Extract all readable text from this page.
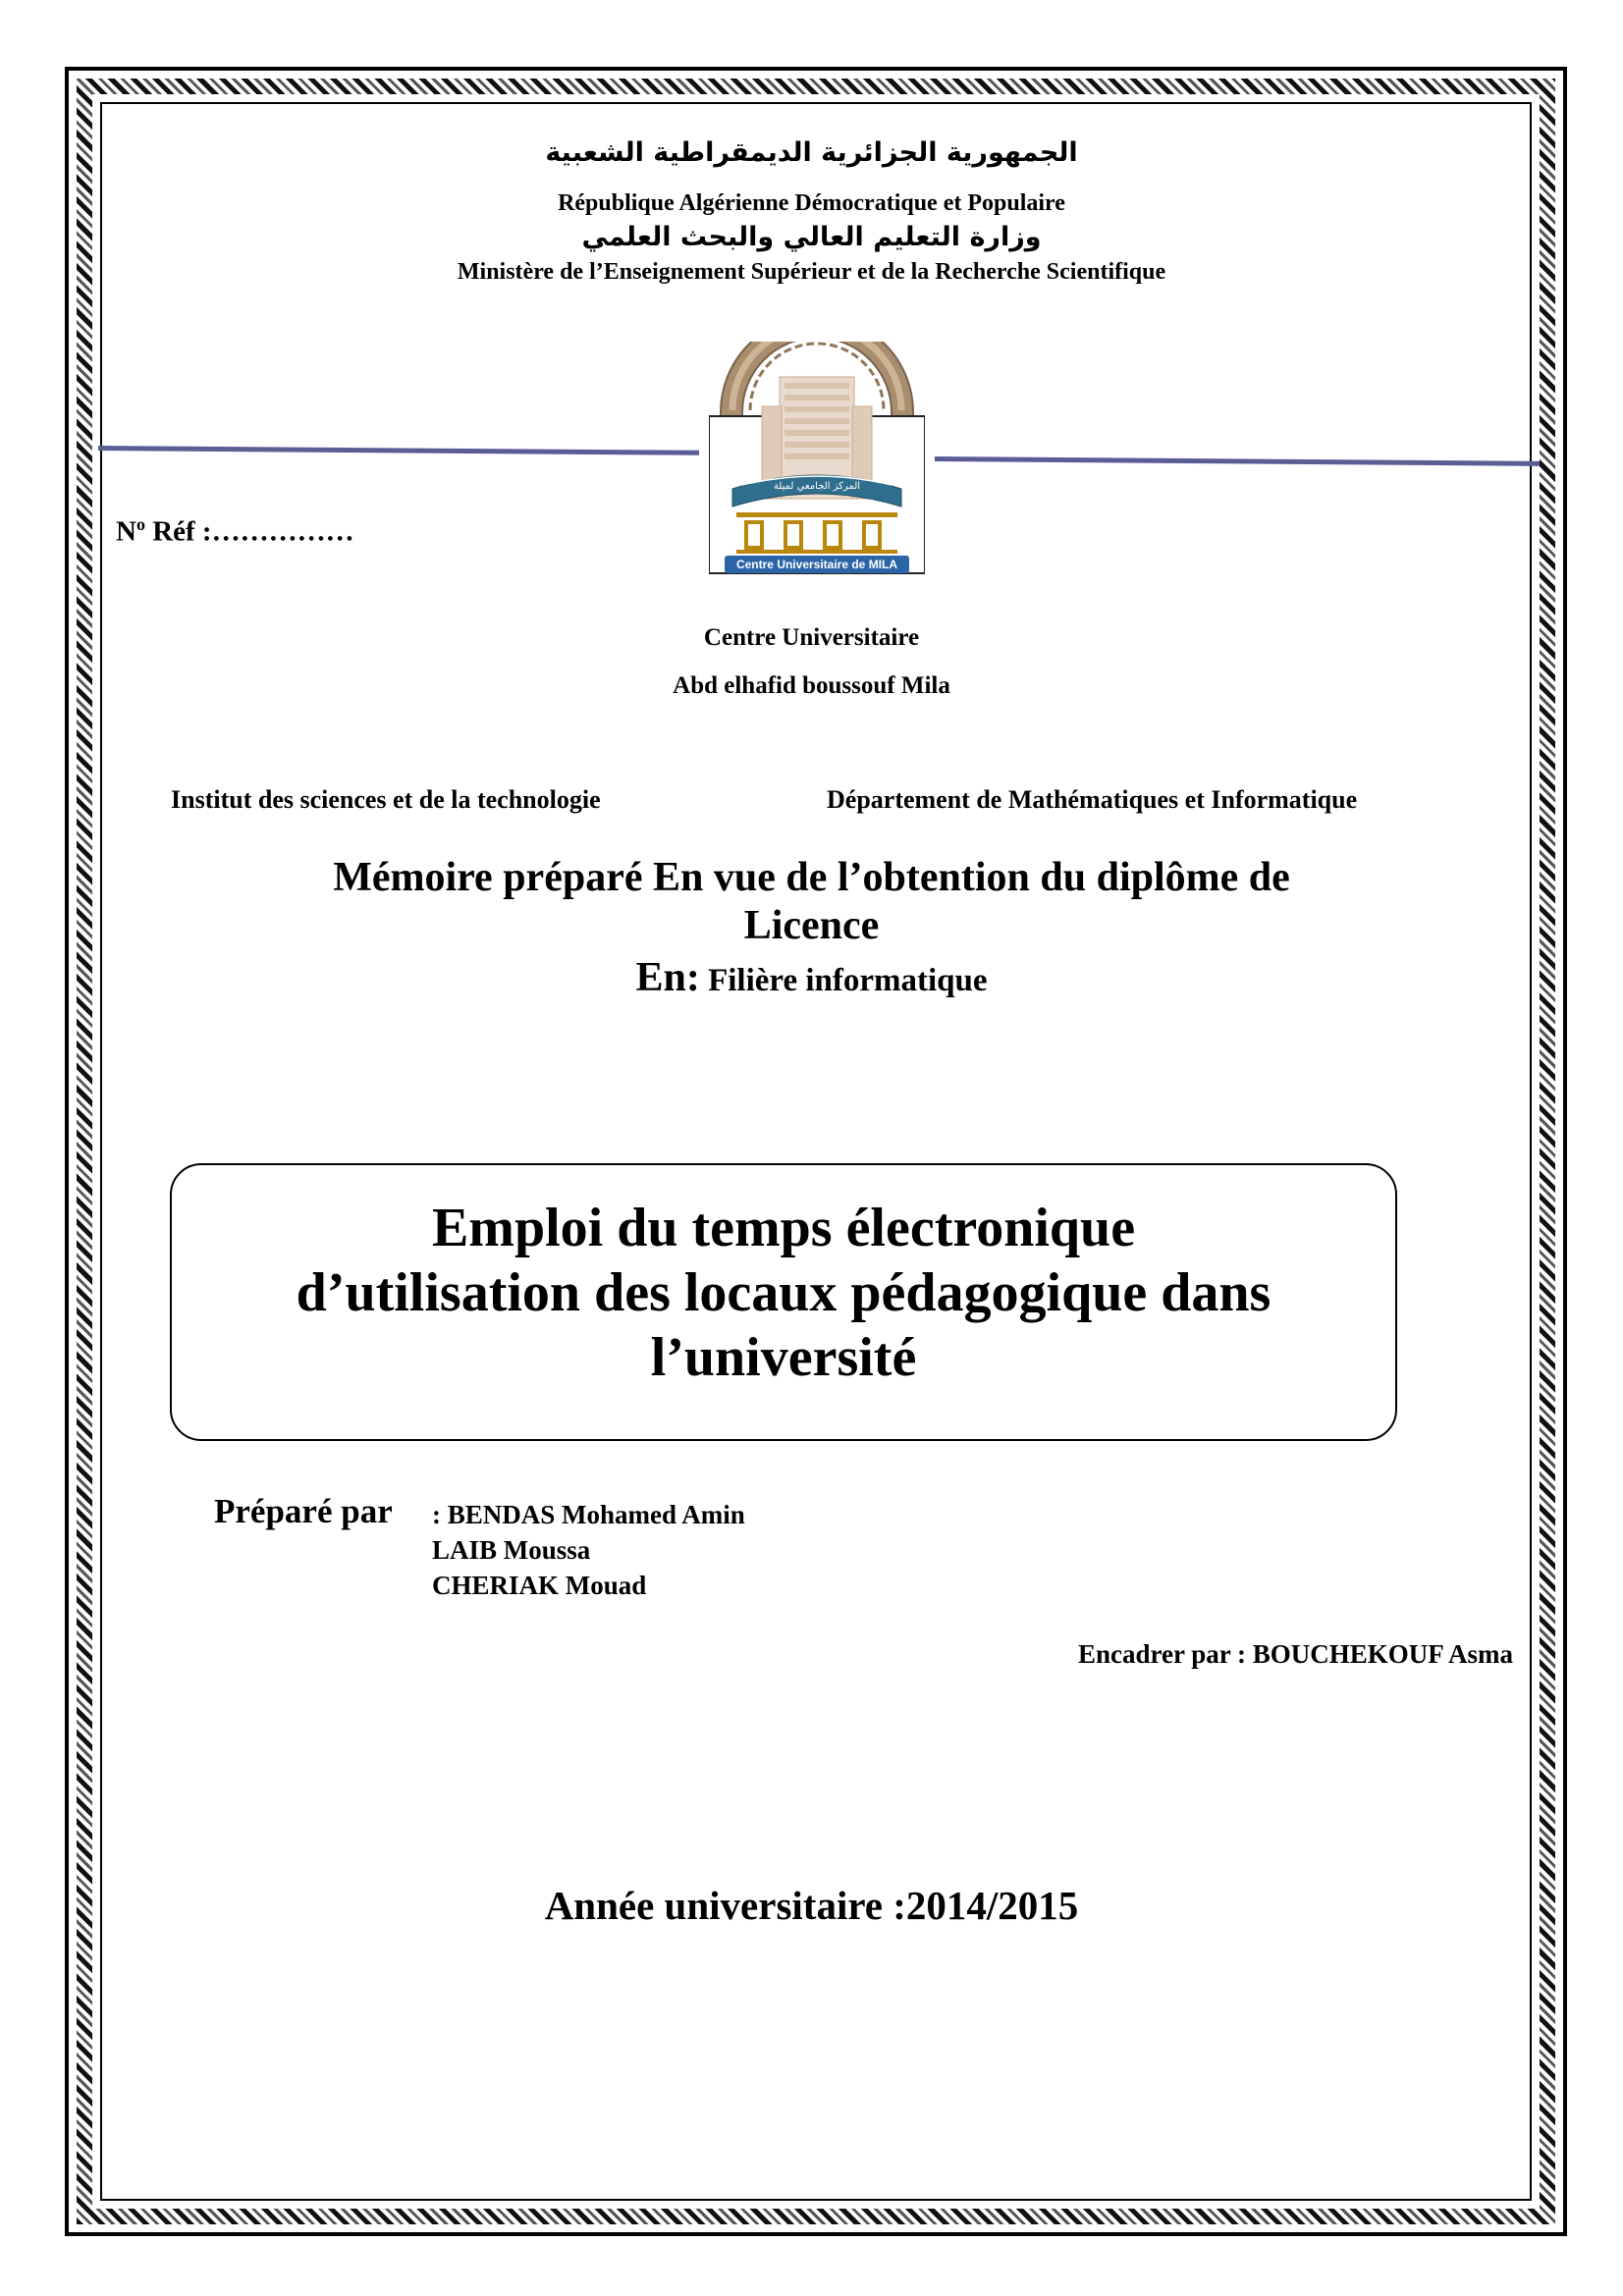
الجمهورية الجزائرية الديمقراطية الشعبية
République Algérienne Démocratique et Populaire
وزارة التعليم العالي والبحث العلمي
Ministère de l’Enseignement Supérieur et de la Recherche Scientifique
المركز الجامعي لميلة
Centre Universitaire de MILA
$N^o$ Réf :……………
Centre Universitaire
Abd elhafid boussouf Mila
Institut des sciences et de la technologie	Département de Mathématiques et Informatique
Mémoire préparé En vue de l’obtention du diplôme de
Licence
En: Filière informatique
Emploi du temps électronique
d’utilisation des locaux pédagogique dans
l’université
Préparé par : BENDAS Mohamed Amin
LAIB Moussa
CHERIAK Mouad
Encadrer par : BOUCHEKOUF Asma
Année universitaire :2014/2015
